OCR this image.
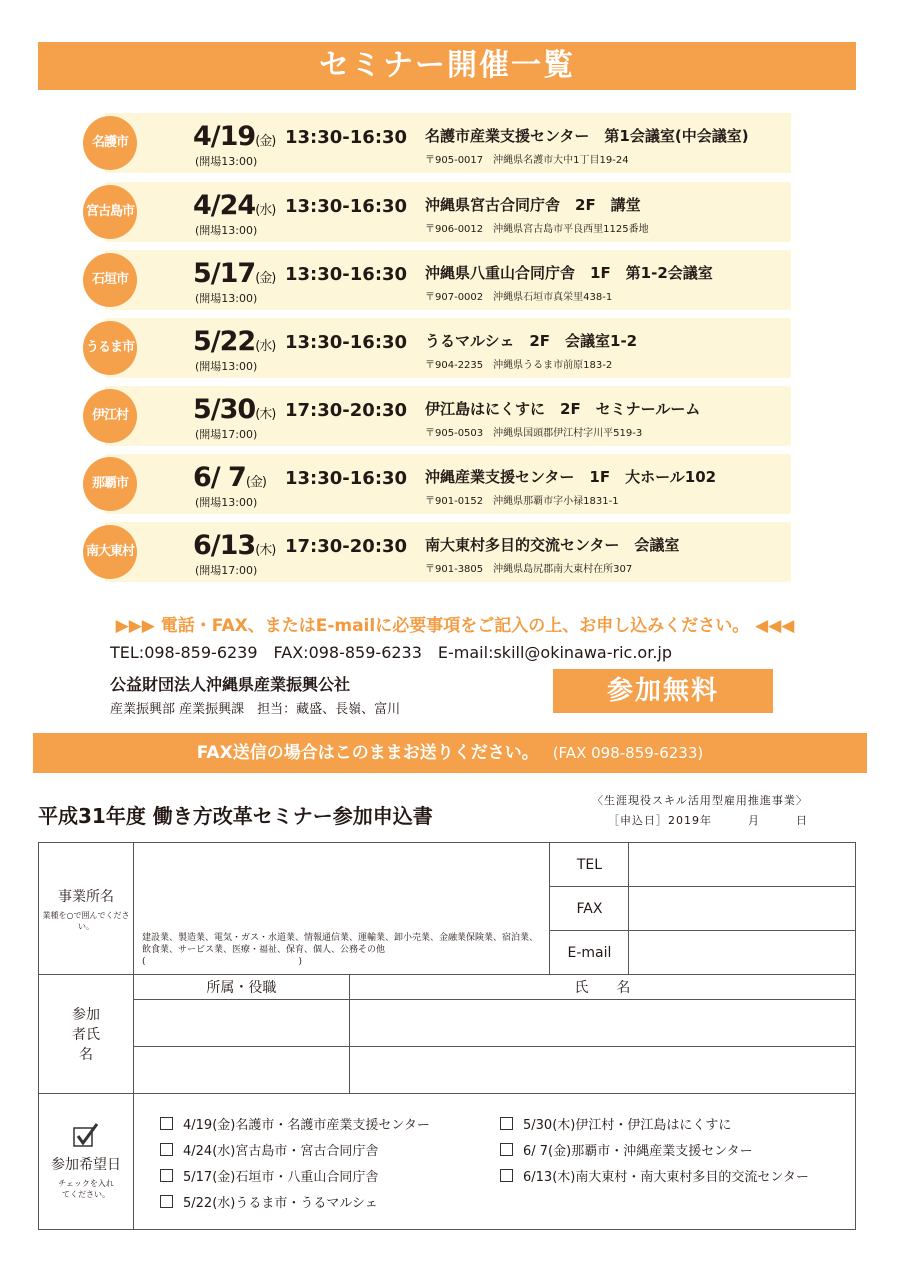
セミナー開催一覧
名護市	4/19(金) 13:30-16:30
(開場13:00)
名護市産業支援センター　第1会議室(中会議室)
〒905-0017　沖縄県名護市大中1丁目19-24
宮古島市 4/24(水) 13:30-16:30
(開場13:00)
沖縄県宮古合同庁舎　2F　講堂
〒906-0012　沖縄県宮古島市平良西里1125番地
石垣市	5/17(金) 13:30-16:30
(開場13:00)
沖縄県八重山合同庁舎　1F　第1-2会議室
〒907-0002　沖縄県石垣市真栄里438-1
うるま市 5/22(水) 13:30-16:30
(開場13:00)
うるマルシェ　2F　会議室1-2
〒904-2235　沖縄県うるま市前原183-2
伊江村	5/30(木) 17:30-20:30
(開場17:00)
伊江島はにくすに　2F　セミナールーム
〒905-0503　沖縄県国頭郡伊江村字川平519-3
那覇市	6/ 7(金) 13:30-16:30
(開場13:00)
沖縄産業支援センター　1F　大ホール102
〒901-0152　沖縄県那覇市字小禄1831-1
南大東村 6/13(木) 17:30-20:30
(開場17:00)
南大東村多目的交流センター　会議室
〒901-3805　沖縄県島尻郡南大東村在所307
▶▶▶ 電話・FAX、またはE-mailに必要事項をご記入の上、お申し込みください。 ◀◀◀
TEL:098-859-6239　FAX:098-859-6233　E-mail:skill@okinawa-ric.or.jp
公益財団法人沖縄県産業振興公社
産業振興部 産業振興課　担当：藏盛、長嶺、富川
参加無料
FAX送信の場合はこのままお送りください。 (FAX 098-859-6233)
平成31年度 働き方改革セミナー参加申込書
〈生涯現役スキル活用型雇用推進事業〉
［申込日］2019年　　　月　　　日
事業所名
業種を○で囲んでください。	建設業、製造業、電気・ガス・水道業、情報通信業、運輸業、卸小売業、金融業保険業、宿泊業、飲食業、サービス業、医療・福祉、保育、個人、公務その他(　　　　　　　　　　　　　　　　　)		TEL	
			FAX	
			E-mail	
参加者氏名	所属・役職	氏　　名		

参加希望日
チェックを入れてください。				
4/19(金)名護市・名護市産業支援センター
4/24(水)宮古島市・宮古合同庁舎
5/17(金)石垣市・八重山合同庁舎
5/22(水)うるま市・うるマルシェ
5/30(木)伊江村・伊江島はにくすに
6/ 7(金)那覇市・沖縄産業支援センター
6/13(木)南大東村・南大東村多目的交流センター
